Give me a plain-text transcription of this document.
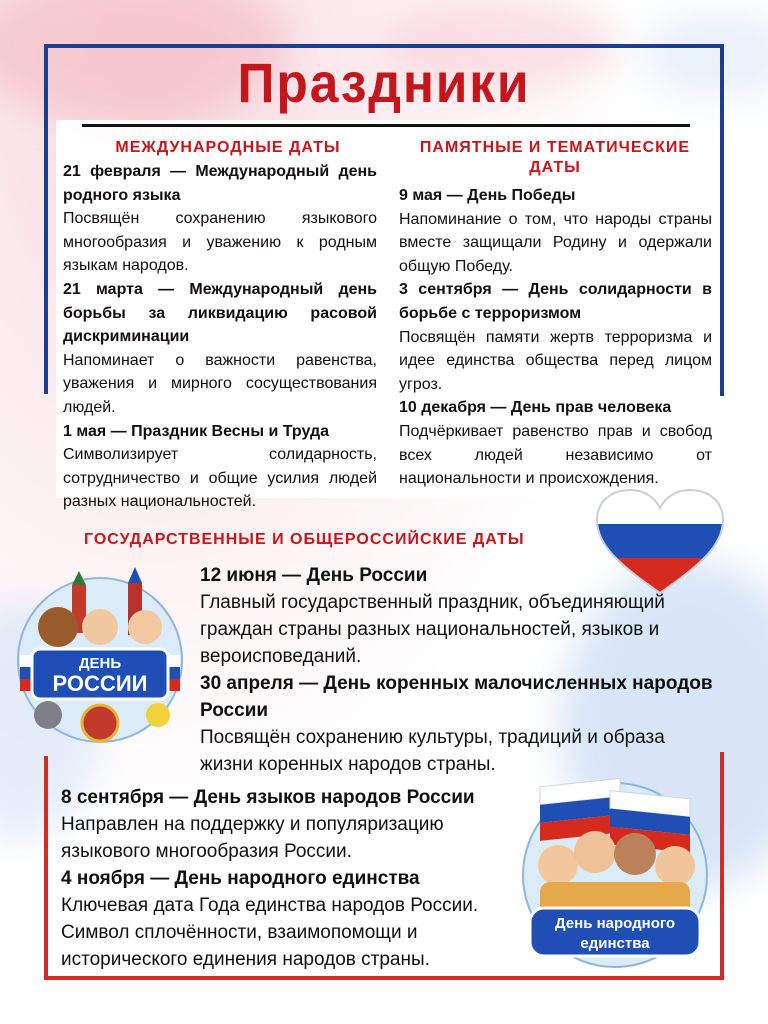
Праздники
МЕЖДУНАРОДНЫЕ ДАТЫ

21 февраля — Международный день родного языка

Посвящён сохранению языкового многообразия и уважению к родным языкам народов.

21 марта — Международный день борьбы за ликвидацию расовой дискриминации

Напоминает о важности равенства, уважения и мирного сосуществования людей.

1 мая — Праздник Весны и Труда

Символизирует солидарность, сотрудничество и общие усилия людей разных национальностей.

ПАМЯТНЫЕ И ТЕМАТИЧЕСКИЕ ДАТЫ

9 мая — День Победы

Напоминание о том, что народы страны вместе защищали Родину и одержали общую Победу.

3 сентября — День солидарности в борьбе с терроризмом

Посвящён памяти жертв терроризма и идее единства общества перед лицом угроз.

10 декабря — День прав человека

Подчёркивает равенство прав и свобод всех людей независимо от национальности и происхождения.

ГОСУДАРСТВЕННЫЕ И ОБЩЕРОССИЙСКИЕ ДАТЫ
ДЕНЬ
РОССИИ

12 июня — День России

Главный государственный праздник, объединяющий граждан страны разных национальностей, языков и вероисповеданий.

30 апреля — День коренных малочисленных народов России

Посвящён сохранению культуры, традиций и образа жизни коренных народов страны.

8 сентября — День языков народов России

Направлен на поддержку и популяризацию языкового многообразия России.

4 ноября — День народного единства

Ключевая дата Года единства народов России. Символ сплочённости, взаимопомощи и исторического единения народов страны.

День народного
единства
